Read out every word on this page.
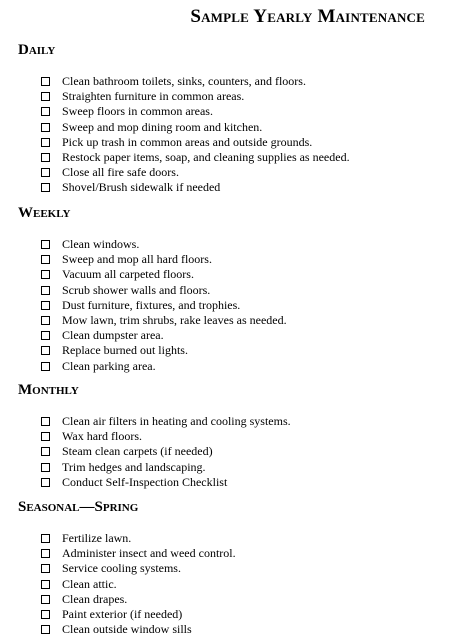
Sample Yearly Maintenance
Daily
Clean bathroom toilets, sinks, counters, and floors.
Straighten furniture in common areas.
Sweep floors in common areas.
Sweep and mop dining room and kitchen.
Pick up trash in common areas and outside grounds.
Restock paper items, soap, and cleaning supplies as needed.
Close all fire safe doors.
Shovel/Brush sidewalk if needed
Weekly
Clean windows.
Sweep and mop all hard floors.
Vacuum all carpeted floors.
Scrub shower walls and floors.
Dust furniture, fixtures, and trophies.
Mow lawn, trim shrubs, rake leaves as needed.
Clean dumpster area.
Replace burned out lights.
Clean parking area.
Monthly
Clean air filters in heating and cooling systems.
Wax hard floors.
Steam clean carpets (if needed)
Trim hedges and landscaping.
Conduct Self-Inspection Checklist
Seasonal—Spring
Fertilize lawn.
Administer insect and weed control.
Service cooling systems.
Clean attic.
Clean drapes.
Paint exterior (if needed)
Clean outside window sills
